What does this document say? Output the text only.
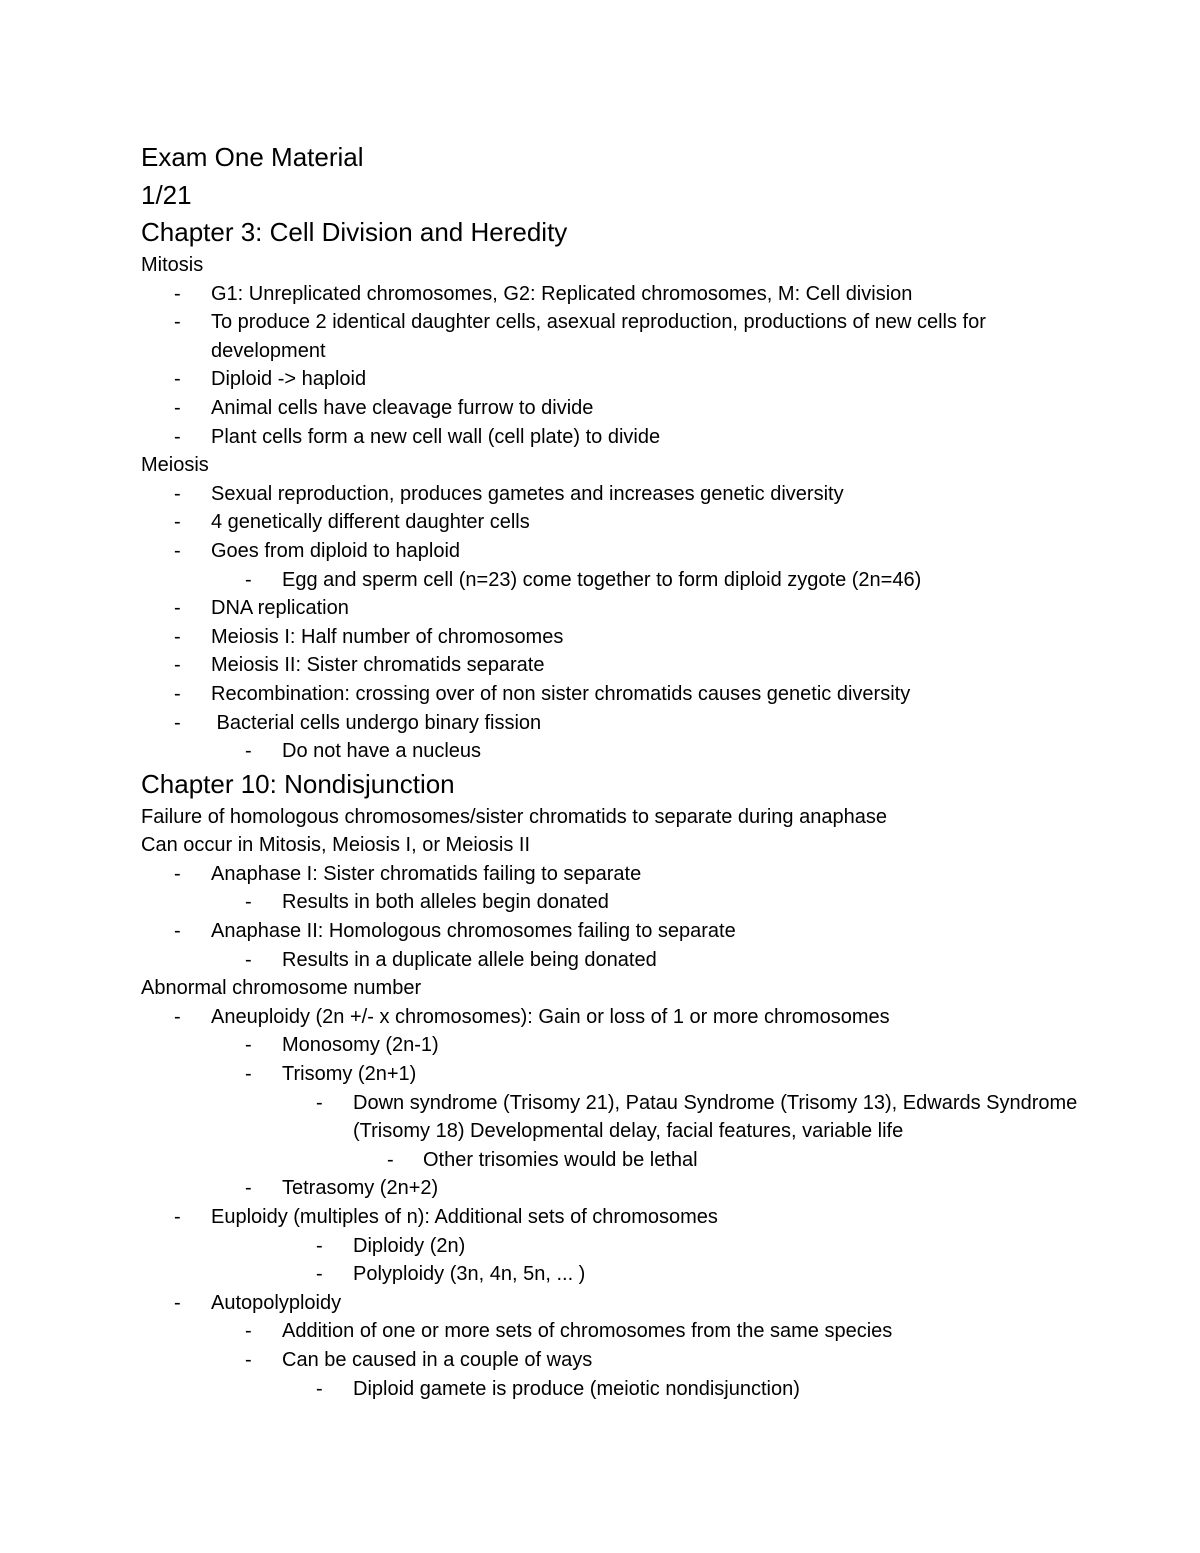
Exam One Material
1/21
Chapter 3: Cell Division and Heredity
Mitosis
- G1: Unreplicated chromosomes, G2: Replicated chromosomes, M: Cell division
- To produce 2 identical daughter cells, asexual reproduction, productions of new cells for development
- Diploid -> haploid
- Animal cells have cleavage furrow to divide
- Plant cells form a new cell wall (cell plate) to divide
Meiosis
- Sexual reproduction, produces gametes and increases genetic diversity
- 4 genetically different daughter cells
- Goes from diploid to haploid
- Egg and sperm cell (n=23) come together to form diploid zygote (2n=46)
- DNA replication
- Meiosis I: Half number of chromosomes
- Meiosis II: Sister chromatids separate
- Recombination: crossing over of non sister chromatids causes genetic diversity
- Bacterial cells undergo binary fission
- Do not have a nucleus
Chapter 10: Nondisjunction
Failure of homologous chromosomes/sister chromatids to separate during anaphase
Can occur in Mitosis, Meiosis I, or Meiosis II
- Anaphase I: Sister chromatids failing to separate
- Results in both alleles begin donated
- Anaphase II: Homologous chromosomes failing to separate
- Results in a duplicate allele being donated
Abnormal chromosome number
- Aneuploidy (2n +/- x chromosomes): Gain or loss of 1 or more chromosomes
- Monosomy (2n-1)
- Trisomy (2n+1)
- Down syndrome (Trisomy 21), Patau Syndrome (Trisomy 13), Edwards Syndrome (Trisomy 18) Developmental delay, facial features, variable life
- Other trisomies would be lethal
- Tetrasomy (2n+2)
- Euploidy (multiples of n): Additional sets of chromosomes
- Diploidy (2n)
- Polyploidy (3n, 4n, 5n, ... )
- Autopolyploidy
- Addition of one or more sets of chromosomes from the same species
- Can be caused in a couple of ways
- Diploid gamete is produce (meiotic nondisjunction)
